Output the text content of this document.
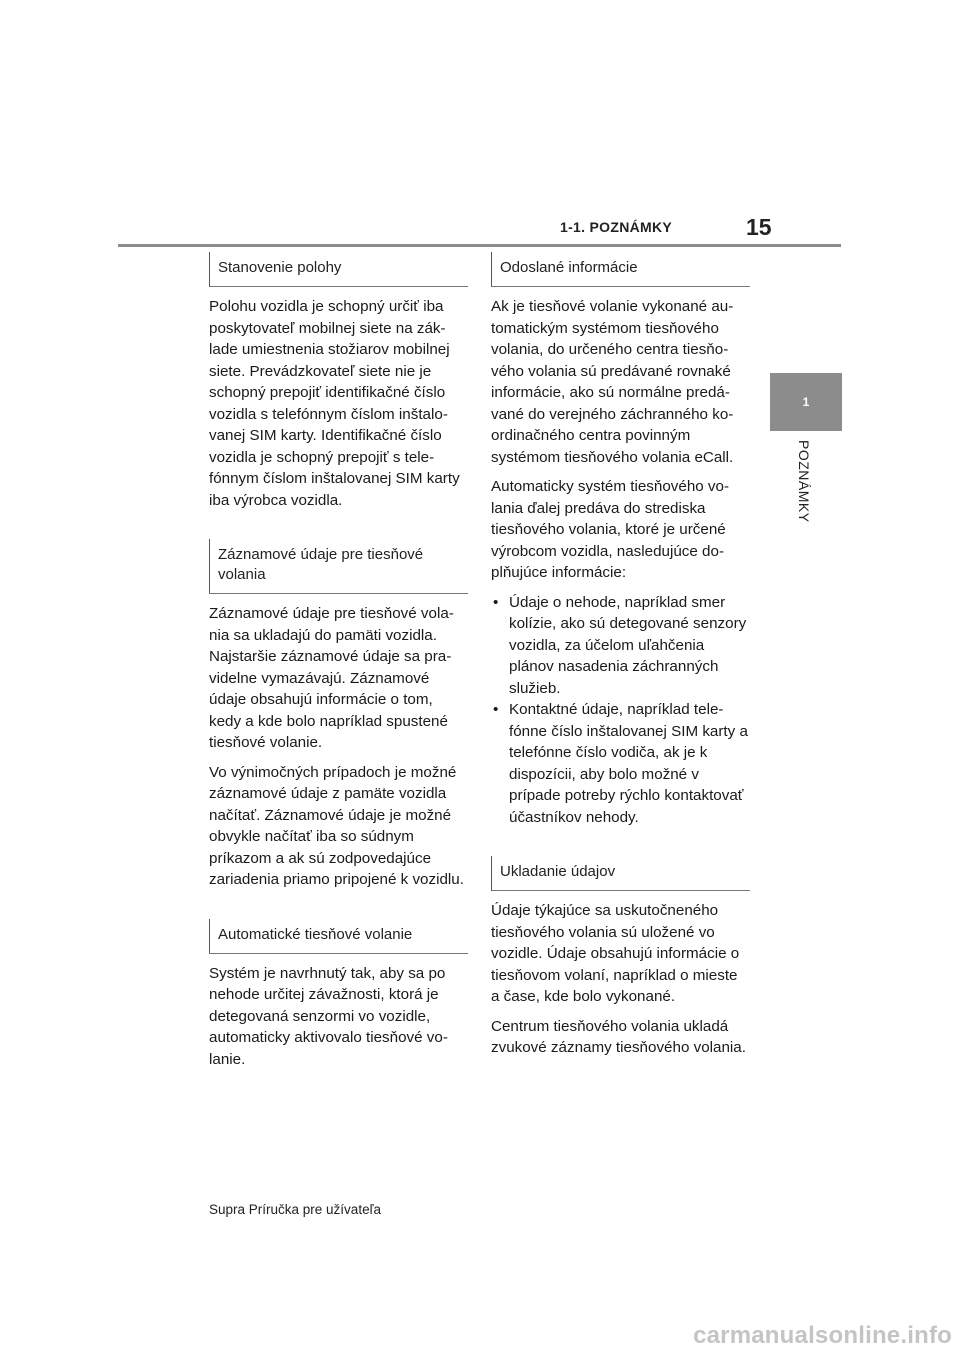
1-1. POZNÁMKY	15
1
POZNÁMKY
Stanovenie polohy

Polohu vozidla je schopný určiť iba poskytovateľ mobilnej siete na základe umiestnenia stožiarov mobilnej siete. Prevádzkovateľ siete nie je schopný prepojiť identifikačné číslo vozidla s telefónnym číslom inštalovanej SIM karty. Identifikačné číslo vozidla je schopný prepojiť s telefónnym číslom inštalovanej SIM karty iba výrobca vozidla.

Záznamové údaje pre tiesňové volania

Záznamové údaje pre tiesňové volania sa ukladajú do pamäti vozidla. Najstaršie záznamové údaje sa pravidelne vymazávajú. Záznamové údaje obsahujú informácie o tom, kedy a kde bolo napríklad spustené tiesňové volanie.

Vo výnimočných prípadoch je možné záznamové údaje z pamäte vozidla načítať. Záznamové údaje je možné obvykle načítať iba so súdnym príkazom a ak sú zodpovedajúce zariadenia priamo pripojené k vozidlu.

Automatické tiesňové volanie

Systém je navrhnutý tak, aby sa po nehode určitej závažnosti, ktorá je detegovaná senzormi vo vozidle, automaticky aktivovalo tiesňové volanie.

Odoslané informácie

Ak je tiesňové volanie vykonané automatickým systémom tiesňového volania, do určeného centra tiesňového volania sú predávané rovnaké informácie, ako sú normálne predávané do verejného záchranného koordinačného centra povinným systémom tiesňového volania eCall.

Automaticky systém tiesňového volania ďalej predáva do strediska tiesňového volania, ktoré je určené výrobcom vozidla, nasledujúce doplňujúce informácie:

• Údaje o nehode, napríklad smer kolízie, ako sú detegované senzory vozidla, za účelom uľahčenia plánov nasadenia záchranných služieb.
• Kontaktné údaje, napríklad telefónne číslo inštalovanej SIM karty a telefónne číslo vodiča, ak je k dispozícii, aby bolo možné v prípade potreby rýchlo kontaktovať účastníkov nehody.
Ukladanie údajov

Údaje týkajúce sa uskutočneného tiesňového volania sú uložené vo vozidle. Údaje obsahujú informácie o tiesňovom volaní, napríklad o mieste a čase, kde bolo vykonané.

Centrum tiesňového volania ukladá zvukové záznamy tiesňového volania.

Supra Príručka pre užívateľa
carmanualsonline.info
